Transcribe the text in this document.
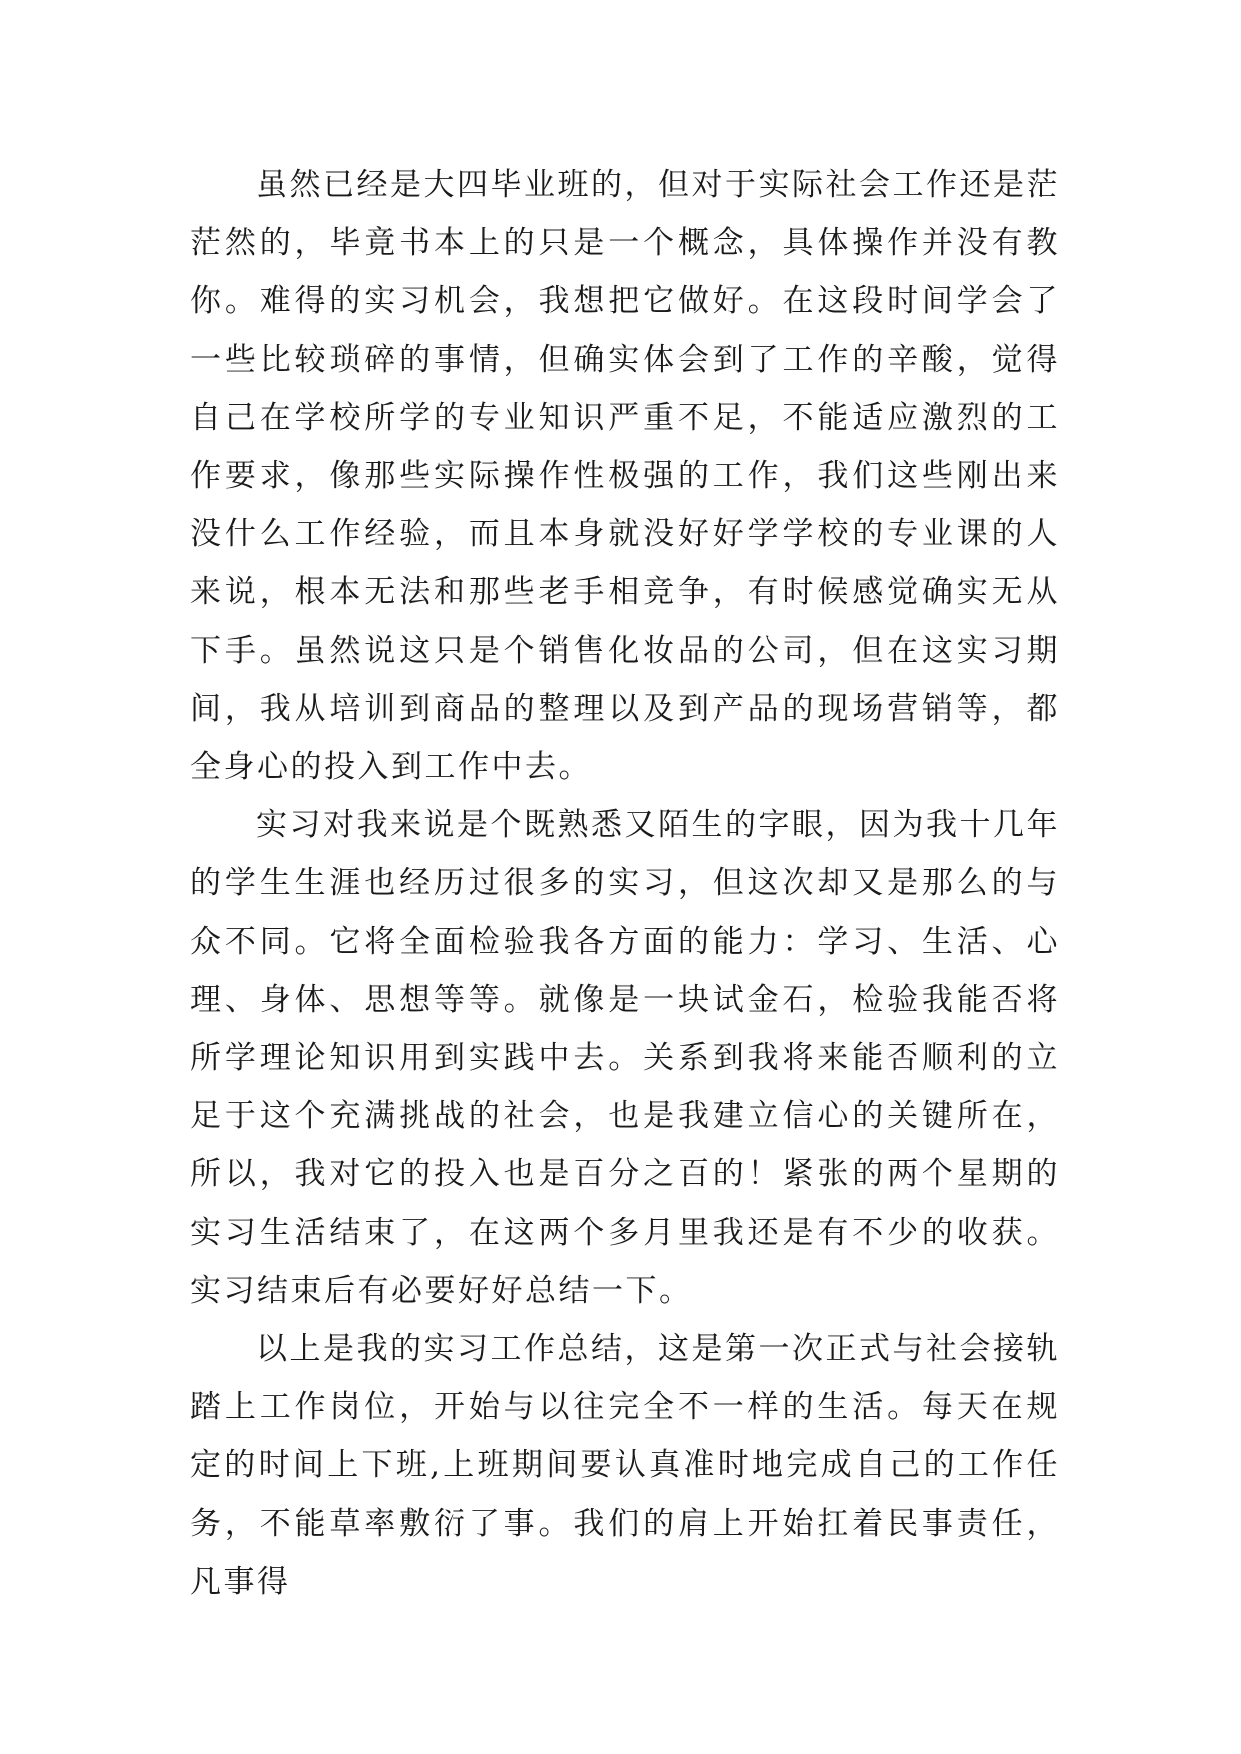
虽然已经是大四毕业班的，但对于实际社会工作还是茫茫然的，毕竟书本上的只是一个概念，具体操作并没有教你。难得的实习机会，我想把它做好。在这段时间学会了一些比较琐碎的事情，但确实体会到了工作的辛酸，觉得自己在学校所学的专业知识严重不足，不能适应激烈的工作要求，像那些实际操作性极强的工作，我们这些刚出来没什么工作经验，而且本身就没好好学学校的专业课的人来说，根本无法和那些老手相竞争，有时候感觉确实无从下手。虽然说这只是个销售化妆品的公司，但在这实习期间，我从培训到商品的整理以及到产品的现场营销等，都全身心的投入到工作中去。

实习对我来说是个既熟悉又陌生的字眼，因为我十几年的学生生涯也经历过很多的实习，但这次却又是那么的与众不同。它将全面检验我各方面的能力：学习、生活、心理、身体、思想等等。就像是一块试金石，检验我能否将所学理论知识用到实践中去。关系到我将来能否顺利的立足于这个充满挑战的社会，也是我建立信心的关键所在，所以，我对它的投入也是百分之百的！紧张的两个星期的实习生活结束了，在这两个多月里我还是有不少的收获。实习结束后有必要好好总结一下。

以上是我的实习工作总结，这是第一次正式与社会接轨踏上工作岗位，开始与以往完全不一样的生活。每天在规定的时间上下班,上班期间要认真准时地完成自己的工作任务，不能草率敷衍了事。我们的肩上开始扛着民事责任，凡事得
